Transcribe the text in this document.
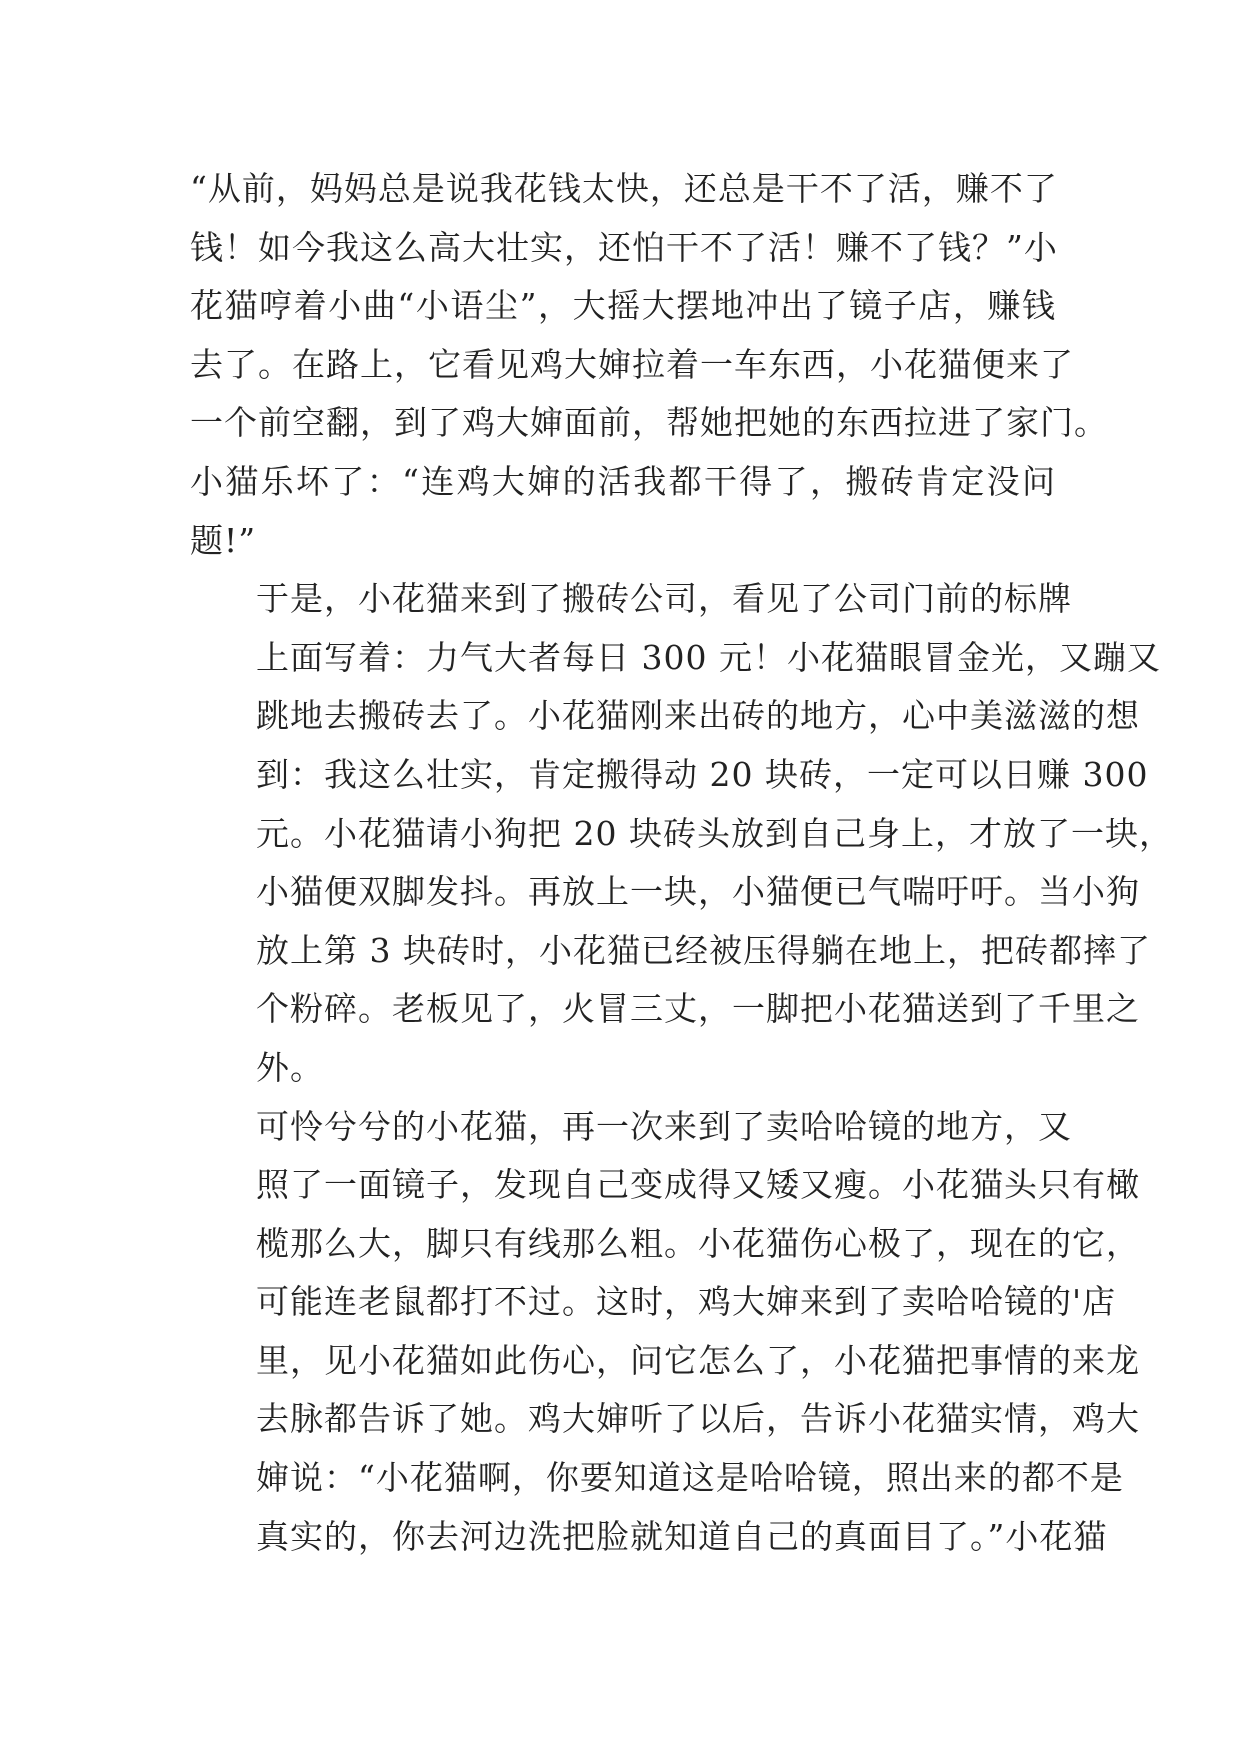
“从前，妈妈总是说我花钱太快，还总是干不了活，赚不了
钱！如今我这么高大壮实，还怕干不了活！赚不了钱？”小
花猫哼着小曲“小语尘”，大摇大摆地冲出了镜子店，赚钱
去了。在路上，它看见鸡大婶拉着一车东西，小花猫便来了
一个前空翻，到了鸡大婶面前，帮她把她的东西拉进了家门。
小猫乐坏了：“连鸡大婶的活我都干得了，搬砖肯定没问
题!”
于是，小花猫来到了搬砖公司，看见了公司门前的标牌
上面写着：力气大者每日 300 元！小花猫眼冒金光，又蹦又
跳地去搬砖去了。小花猫刚来出砖的地方，心中美滋滋的想
到：我这么壮实，肯定搬得动 20 块砖，一定可以日赚 300
元。小花猫请小狗把 20 块砖头放到自己身上，才放了一块，
小猫便双脚发抖。再放上一块，小猫便已气喘吁吁。当小狗
放上第 3 块砖时，小花猫已经被压得躺在地上，把砖都摔了
个粉碎。老板见了，火冒三丈，一脚把小花猫送到了千里之
外。
可怜兮兮的小花猫，再一次来到了卖哈哈镜的地方，又
照了一面镜子，发现自己变成得又矮又瘦。小花猫头只有橄
榄那么大，脚只有线那么粗。小花猫伤心极了，现在的它，
可能连老鼠都打不过。这时，鸡大婶来到了卖哈哈镜的'店
里，见小花猫如此伤心，问它怎么了，小花猫把事情的来龙
去脉都告诉了她。鸡大婶听了以后，告诉小花猫实情，鸡大
婶说：“小花猫啊，你要知道这是哈哈镜，照出来的都不是
真实的，你去河边洗把脸就知道自己的真面目了。”小花猫
